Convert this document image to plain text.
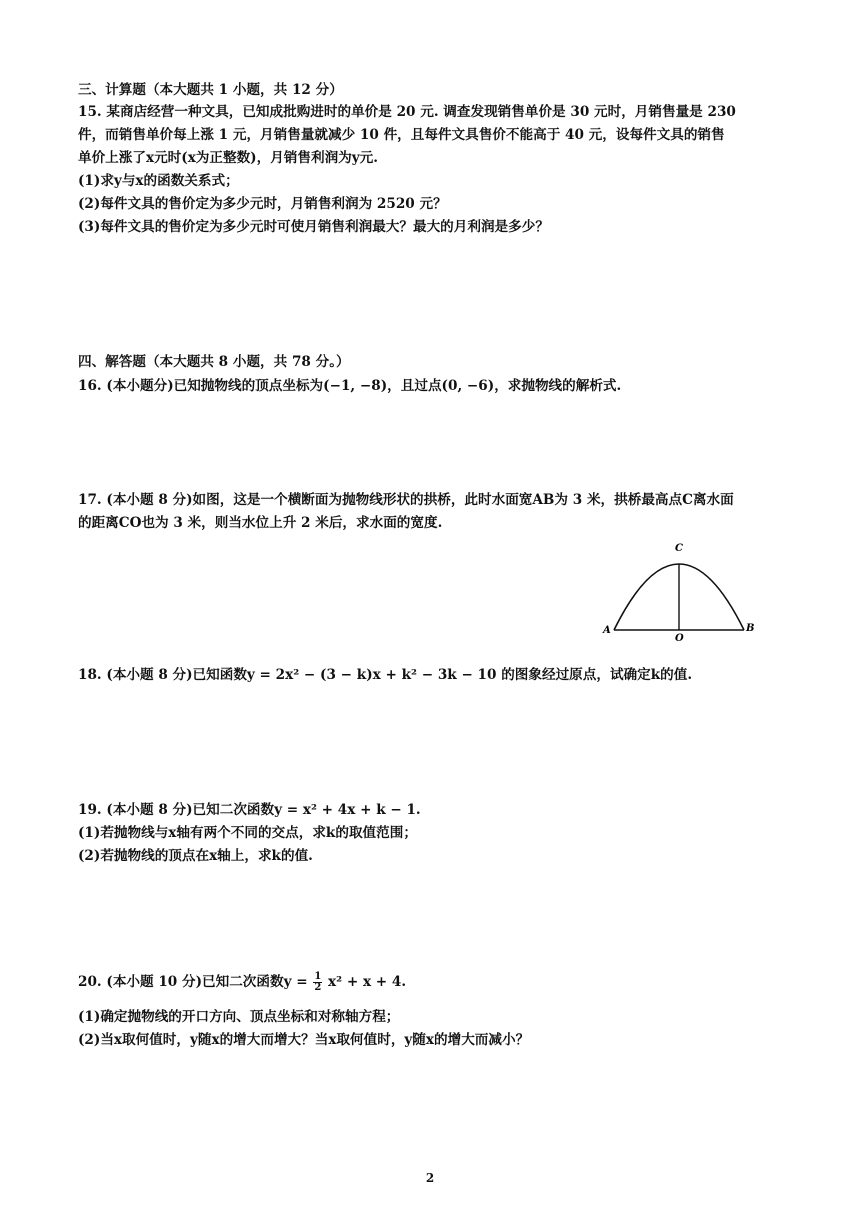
三、计算题（本大题共 1 小题，共 12 分）
15. 某商店经营一种文具，已知成批购进时的单价是 20 元. 调查发现销售单价是 30 元时，月销售量是 230
件，而销售单价每上涨 1 元，月销售量就减少 10 件，且每件文具售价不能高于 40 元，设每件文具的销售
单价上涨了x元时(x为正整数)，月销售利润为y元.
(1)求y与x的函数关系式；
(2)每件文具的售价定为多少元时，月销售利润为 2520 元？
(3)每件文具的售价定为多少元时可使月销售利润最大？最大的月利润是多少？
四、解答题（本大题共 8 小题，共 78 分。）
16. (本小题分)已知抛物线的顶点坐标为(−1, −8)，且过点(0, −6)，求抛物线的解析式.
17. (本小题 8 分)如图，这是一个横断面为抛物线形状的拱桥，此时水面宽AB为 3 米，拱桥最高点C离水面
的距离CO也为 3 米，则当水位上升 2 米后，求水面的宽度.
A	B
C
O
18. (本小题 8 分)已知函数y = 2x² − (3 − k)x + k² − 3k − 10 的图象经过原点，试确定k的值.
19. (本小题 8 分)已知二次函数y = x² + 4x + k − 1.
(1)若抛物线与x轴有两个不同的交点，求k的取值范围；
(2)若抛物线的顶点在x轴上，求k的值.
20. (本小题 10 分)已知二次函数$y = \frac{1}{2} x^2 + x + 4$.
(1)确定抛物线的开口方向、顶点坐标和对称轴方程；
(2)当x取何值时，y随x的增大而增大？当x取何值时，y随x的增大而减小？
2
